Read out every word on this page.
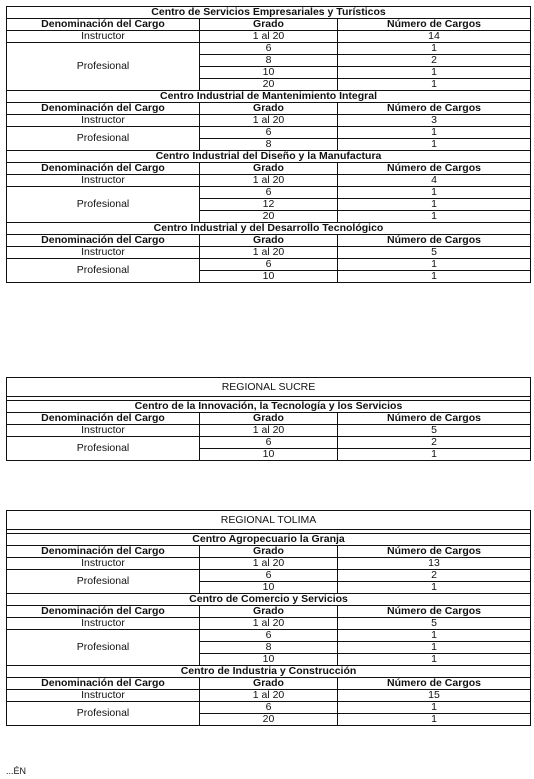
Centro de Servicios Empresariales y Turísticos		
Denominación del Cargo	Grado	Número de Cargos
Instructor	1 al 20	14
Profesional	6	1
	8	2
	10	1
	20	1
Centro Industrial de Mantenimiento Integral		
Denominación del Cargo	Grado	Número de Cargos
Instructor	1 al 20	3
Profesional	6	1
	8	1
Centro Industrial del Diseño y la Manufactura		
Denominación del Cargo	Grado	Número de Cargos
Instructor	1 al 20	4
Profesional	6	1
	12	1
	20	1
Centro Industrial y del Desarrollo Tecnológico		
Denominación del Cargo	Grado	Número de Cargos
Instructor	1 al 20	5
Profesional	6	1
	10	1
REGIONAL SUCRE		

Centro de la Innovación, la Tecnología y los Servicios		
Denominación del Cargo	Grado	Número de Cargos
Instructor	1 al 20	5
Profesional	6	2
	10	1
REGIONAL TOLIMA		

Centro Agropecuario la Granja		
Denominación del Cargo	Grado	Número de Cargos
Instructor	1 al 20	13
Profesional	6	2
	10	1
Centro de Comercio y Servicios		
Denominación del Cargo	Grado	Número de Cargos
Instructor	1 al 20	5
Profesional	6	1
	8	1
	10	1
Centro de Industria y Construcción		
Denominación del Cargo	Grado	Número de Cargos
Instructor	1 al 20	15
Profesional	6	1
	20	1
...ÉN
